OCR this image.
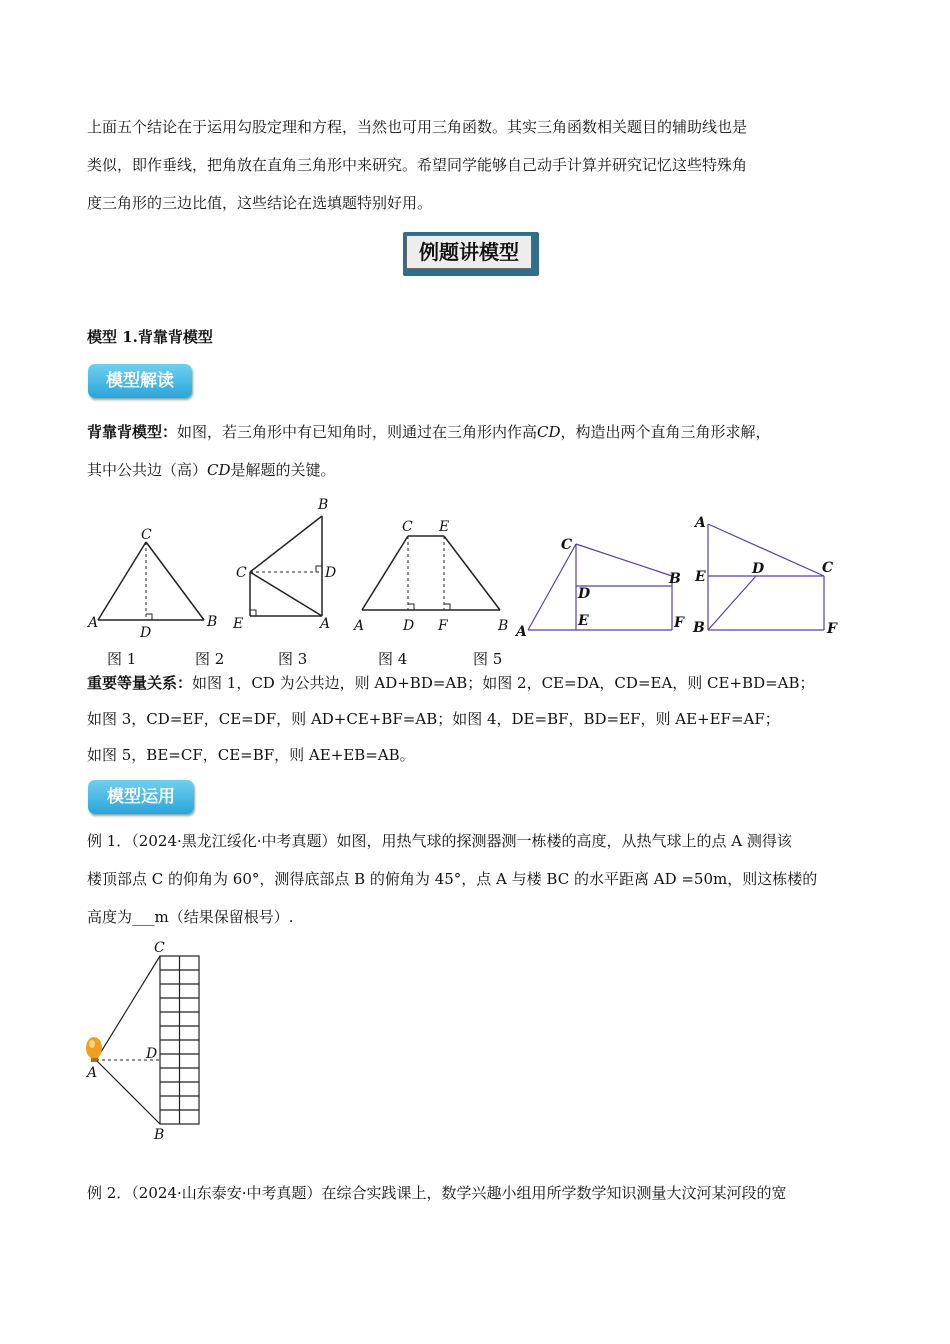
上面五个结论在于运用勾股定理和方程，当然也可用三角函数。其实三角函数相关题目的辅助线也是

类似，即作垂线，把角放在直角三角形中来研究。希望同学能够自己动手计算并研究记忆这些特殊角

度三角形的三边比值，这些结论在选填题特别好用。

例题讲模型
模型 1.背靠背模型
模型解读

背靠背模型：如图，若三角形中有已知角时，则通过在三角形内作高CD，构造出两个直角三角形求解，

其中公共边（高）CD是解题的关键。

C
A	B
D
B
C	D
E	A
C E
A	D F	B
C
B
D
E	F
A
A
E	D	C
B	F
图 1	图 2	图 3	图 4	图 5

重要等量关系：如图 1，CD 为公共边，则 AD+BD=AB；如图 2，CE=DA，CD=EA，则 CE+BD=AB；

如图 3，CD=EF，CE=DF，则 AD+CE+BF=AB；如图 4，DE=BF，BD=EF，则 AE+EF=AF；

如图 5，BE=CF，CE=BF，则 AE+EB=AB。

模型运用

例 1．（2024·黑龙江绥化·中考真题）如图，用热气球的探测器测一栋楼的高度，从热气球上的点 A 测得该

楼顶部点 C 的仰角为 60°，测得底部点 B 的俯角为 45°，点 A 与楼 BC 的水平距离 AD =50m，则这栋楼的

高度为___m（结果保留根号）.

C
D
A
B

例 2．（2024·山东泰安·中考真题）在综合实践课上，数学兴趣小组用所学数学知识测量大汶河某河段的宽
